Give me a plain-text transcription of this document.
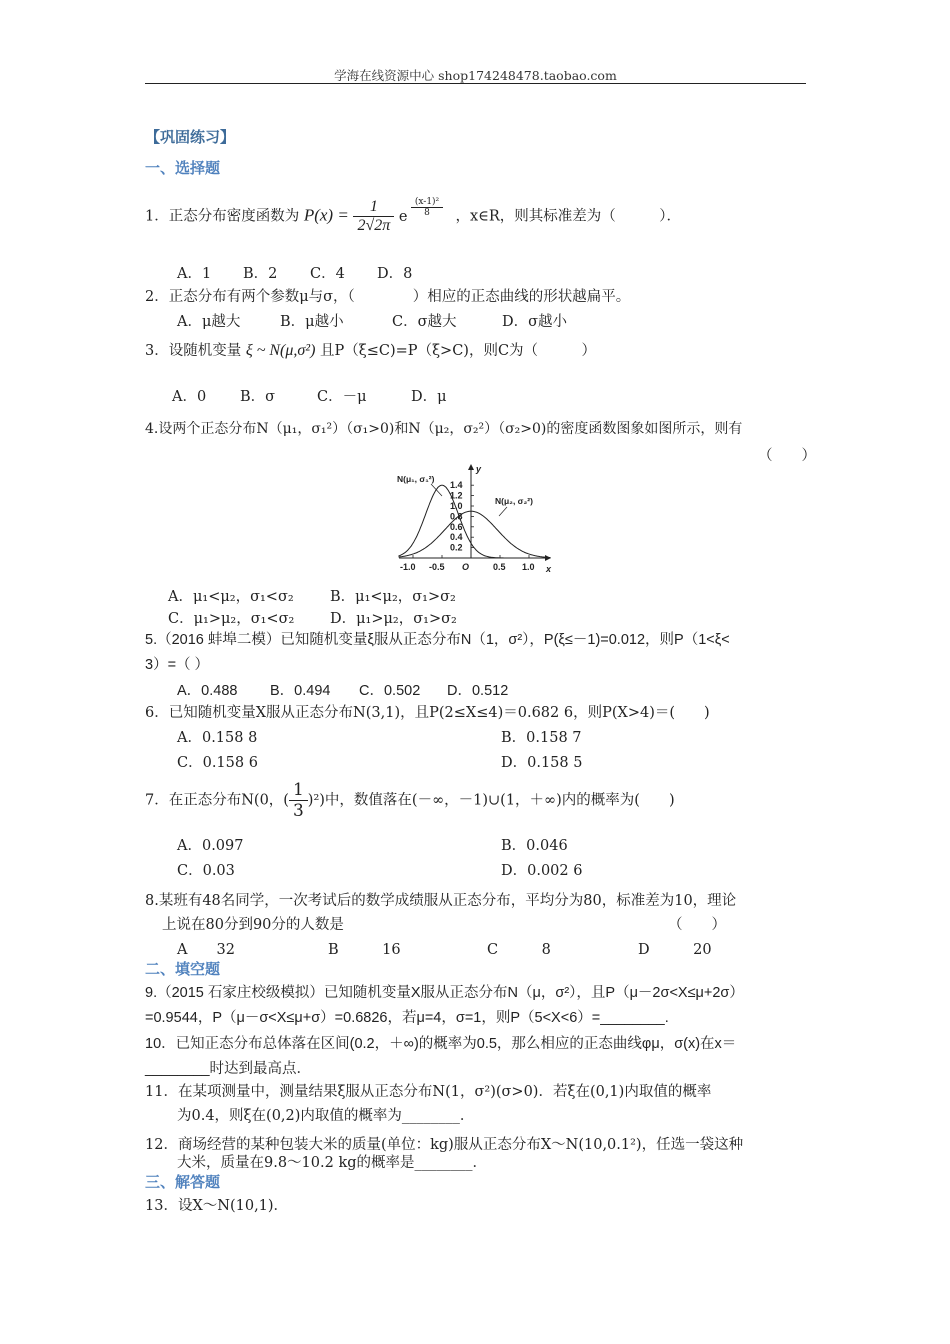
学海在线资源中心 shop174248478.taobao.com
【巩固练习】
一、选择题
1．正态分布密度函数为 $P(x) = \frac{1}{2√2\pi}$ e $\frac{\text{(x-1)²}}{8}$ ，x∈R，则其标准差为（　　　）．
A．1 B．2 C．4 D．8
2．正态分布有两个参数μ与σ，（　　　　）相应的正态曲线的形状越扁平。
A．μ越大	B．μ越小	C．σ越大	D．σ越小
3．设随机变量 ξ ~ N(μ,σ²) 且P（ξ≤C)=P（ξ>C)，则C为（　　　）
A．0 B．σ	C．－μ	D．μ
4.设两个正态分布N（μ₁，σ₁²）（σ₁>0)和N（μ₂，σ₂²）（σ₂>0)的密度函数图象如图所示，则有
（　　）
x
y
0.2
0.4
0.6
0.8
1.0
1.2
1.4
-1.0 -0.5 O	0.5 1.0
N(μ₁, σ₁²)
N(μ₂, σ₂²)
A．μ₁<μ₂，σ₁<σ₂	B．μ₁<μ₂，σ₁>σ₂
C．μ₁>μ₂，σ₁<σ₂ D．μ₁>μ₂，σ₁>σ₂
5.（2016 蚌埠二模）已知随机变量ξ服从正态分布N（1，σ²），P(ξ≤－1)=0.012，则P（1<ξ<
3）=（ ）
A．0.488 B．0.494 C．0.502 D．0.512
6．已知随机变量X服从正态分布N(3,1)，且P(2≤X≤4)＝0.682 6，则P(X>4)＝(　　)
A．0.158 8	B．0.158 7
C．0.158 6	D．0.158 5
7．在正态分布N(0，( $\frac{1}{3} )^2$)中，数值落在(－∞，－1)∪(1，＋∞)内的概率为(　　)
A．0.097	B．0.046
C．0.03	D．0.002 6
8.某班有48名同学，一次考试后的数学成绩服从正态分布，平均分为80，标准差为10，理论
上说在80分到90分的人数是	（　　）
A　　32	B　　　16	C　　　8	D　　　20
二、填空题
9.（2015 石家庄校级模拟）已知随机变量X服从正态分布N（μ，σ²），且P（μ－2σ<X≤μ+2σ）
=0.9544，P（μ－σ<X≤μ+σ）=0.6826，若μ=4，σ=1，则P（5<X<6）=________.
10．已知正态分布总体落在区间(0.2，＋∞)的概率为0.5，那么相应的正态曲线φμ，σ(x)在x＝
________时达到最高点．
11．在某项测量中，测量结果ξ服从正态分布N(1，σ²)(σ>0)．若ξ在(0,1)内取值的概率
为0.4，则ξ在(0,2)内取值的概率为________．
12．商场经营的某种包装大米的质量(单位：kg)服从正态分布X～N(10,0.1²)，任选一袋这种
大米，质量在9.8～10.2 kg的概率是________．
三、解答题
13．设X～N(10,1)．
